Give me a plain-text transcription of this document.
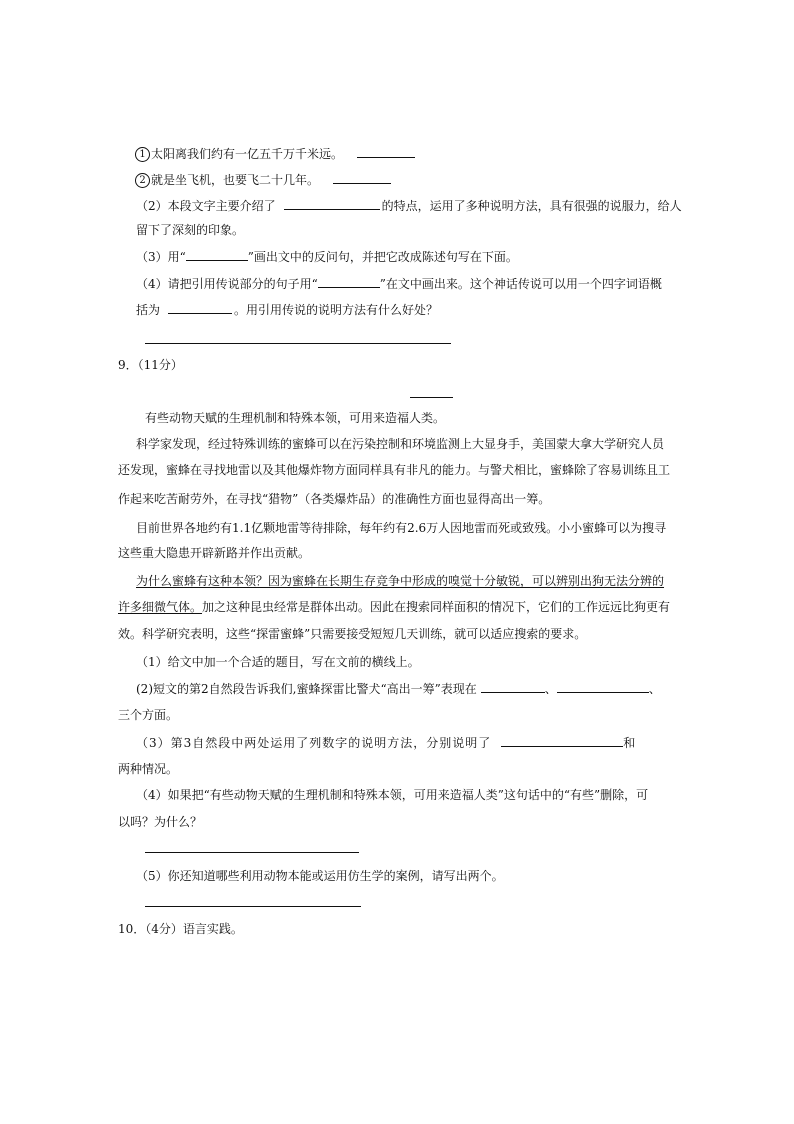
1 太阳离我们约有一亿五千万千米远。
2 就是坐飞机，也要飞二十几年。
（2）本段文字主要介绍了	的特点，运用了多种说明方法，具有很强的说服力，给人
留下了深刻的印象。
（3）用“	”画出文中的反问句，并把它改成陈述句写在下面。
（4）请把引用传说部分的句子用“	”在文中画出来。这个神话传说可以用一个四字词语概
括为	。用引用传说的说明方法有什么好处？
9．（11分）
有些动物天赋的生理机制和特殊本领，可用来造福人类。
科学家发现，经过特殊训练的蜜蜂可以在污染控制和环境监测上大显身手，美国蒙大拿大学研究人员
还发现，蜜蜂在寻找地雷以及其他爆炸物方面同样具有非凡的能力。与警犬相比，蜜蜂除了容易训练且工
作起来吃苦耐劳外，在寻找“猎物”（各类爆炸品）的准确性方面也显得高出一筹。
目前世界各地约有1.1亿颗地雷等待排除，每年约有2.6万人因地雷而死或致残。小小蜜蜂可以为搜寻
这些重大隐患开辟新路并作出贡献。
为什么蜜蜂有这种本领？因为蜜蜂在长期生存竞争中形成的嗅觉十分敏锐，可以辨别出狗无法分辨的
许多细微气体。加之这种昆虫经常是群体出动。因此在搜索同样面积的情况下，它们的工作远远比狗更有
效。科学研究表明，这些“探雷蜜蜂”只需要接受短短几天训练，就可以适应搜索的要求。
（1）给文中加一个合适的题目，写在文前的横线上。
(2)短文的第2自然段告诉我们,蜜蜂探雷比警犬“高出一筹”表现在	、	、
三个方面。
（3）第3自然段中两处运用了列数字的说明方法，分别说明了	和
两种情况。
（4）如果把“有些动物天赋的生理机制和特殊本领，可用来造福人类”这句话中的“有些”删除，可
以吗？为什么？
（5）你还知道哪些利用动物本能或运用仿生学的案例，请写出两个。
10．（4分）语言实践。
